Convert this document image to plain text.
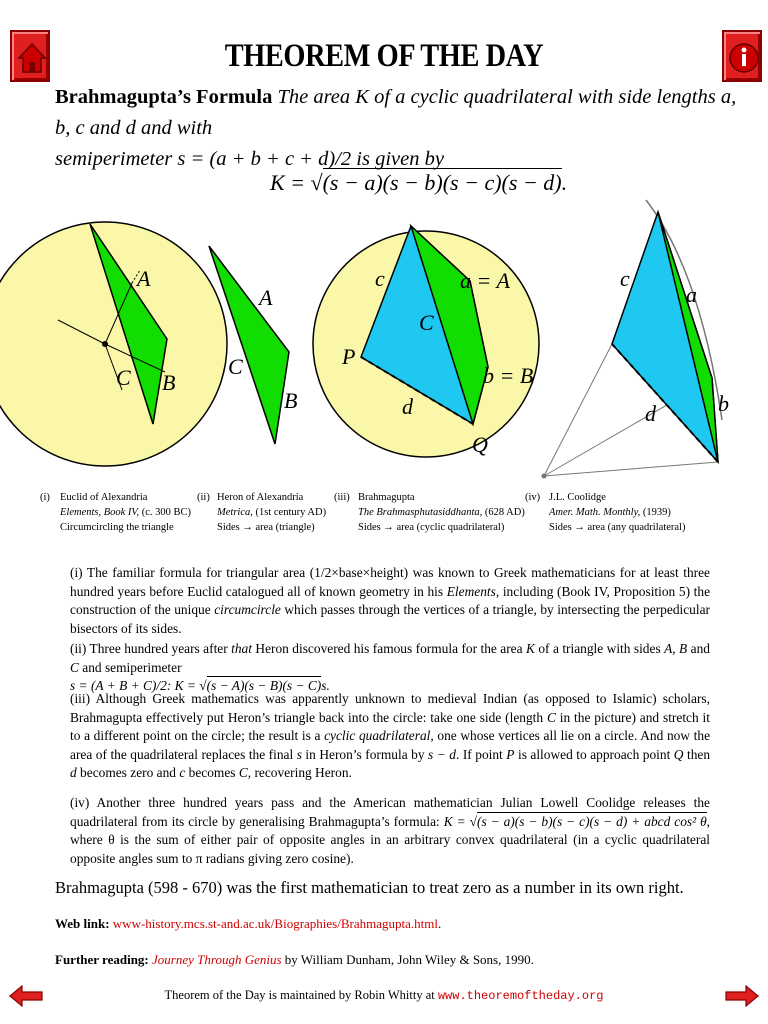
THEOREM OF THE DAY
Brahmagupta’s Formula The area K of a cyclic quadrilateral with side lengths a, b, c and d and with
semiperimeter s = (a + b + c + d)/2 is given by
K = √(s − a)(s − b)(s − c)(s − d).
A
C B
A
C
B
c	a = A
C
P
b = B
d
Q
c
a
d	b
(i) Euclid of Alexandria
Elements, Book IV, (c. 300 BC)
Circumcircling the triangle
(ii) Heron of Alexandria
Metrica, (1st century AD)
Sides → area (triangle)
(iii) Brahmagupta
The Brahmasphutasiddhanta, (628 AD)
Sides → area (cyclic quadrilateral)
(iv) J.L. Coolidge
Amer. Math. Monthly, (1939)
Sides → area (any quadrilateral)
(i) The familiar formula for triangular area (1/2×base×height) was known to Greek mathematicians for at least three hundred years before Euclid catalogued all of known geometry in his Elements, including (Book IV, Proposition 5) the construction of the unique circumcircle which passes through the vertices of a triangle, by intersecting the perpedicular bisectors of its sides.
(ii) Three hundred years after that Heron discovered his famous formula for the area K of a triangle with sides A, B and C and semiperimeter
s = (A + B + C)/2: K = √(s − A)(s − B)(s − C)s.
(iii) Although Greek mathematics was apparently unknown to medieval Indian (as opposed to Islamic) scholars, Brahmagupta effectively put Heron’s triangle back into the circle: take one side (length C in the picture) and stretch it to a different point on the circle; the result is a cyclic quadrilateral, one whose vertices all lie on a circle. And now the area of the quadrilateral replaces the final s in Heron’s formula by s − d. If point P is allowed to approach point Q then d becomes zero and c becomes C, recovering Heron.
(iv) Another three hundred years pass and the American mathematician Julian Lowell Coolidge releases the quadrilateral from its circle by generalising Brahmagupta’s formula: K = √(s − a)(s − b)(s − c)(s − d) + abcd cos² θ, where θ is the sum of either pair of opposite angles in an arbitrary convex quadrilateral (in a cyclic quadrilateral opposite angles sum to π radians giving zero cosine).
Brahmagupta (598 - 670) was the first mathematician to treat zero as a number in its own right.
Web link: www-history.mcs.st-and.ac.uk/Biographies/Brahmagupta.html.
Further reading: Journey Through Genius by William Dunham, John Wiley & Sons, 1990.
Theorem of the Day is maintained by Robin Whitty at www.theoremoftheday.org
